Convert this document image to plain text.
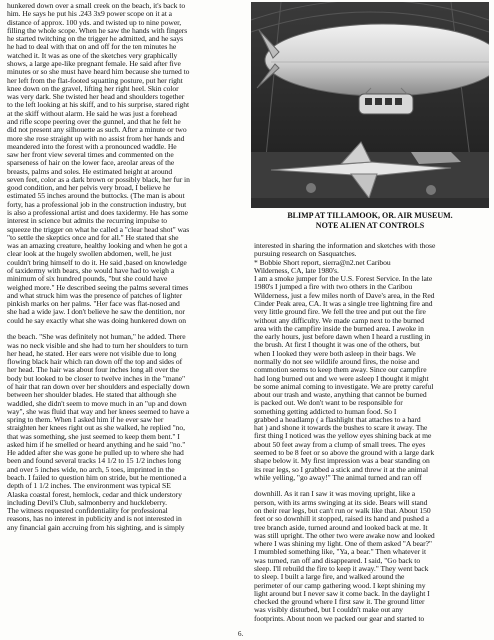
hunkered down over a small creek on the beach, it's back to
him. He says he put his .243 3x9 power scope on it at a
distance of approx. 100 yds. and twisted up to nine power,
filling the whole scope. When he saw the hands with fingers
he started twitching on the trigger he admitted, and he says
he had to deal with that on and off for the ten minutes he
watched it. It was as one of the sketches very graphically
shows, a large ape-like pregnant female. He said after five
minutes or so she must have heard him because she turned to
her left from the flat-footed squatting posture, put her right
knee down on the gravel, lifting her right heel. Skin color
was very dark. She twisted her head and shoulders together
to the left looking at his skiff, and to his surprise, stared right
at the skiff without alarm. He said he was just a forehead
and rifle scope peering over the gunnel, and that he felt he
did not present any silhouette as such. After a minute or two
more she rose straight up with no assist from her hands and
meandered into the forest with a pronounced waddle. He
saw her front view several times and commented on the
sparseness of hair on the lower face, areolar areas of the
breasts, palms and soles. He estimated height at around
seven feet, color as a dark brown or possibly black, her fur in
good condition, and her pelvis very broad, I believe he
estimated 55 inches around the buttocks. (The man is about
forty, has a professional job in the construction industry, but
is also a professional artist and does taxidermy. He has some
interest in science but admits the recurring impulse to
squeeze the trigger on what he called a "clear head shot" was
"to settle the skeptics once and for all." He stated that she
was an amazing creature, healthy looking and when he got a
clear look at the hugely swollen abdomen, well, he just
couldn't bring himself to do it. He said ,based on knowledge
of taxidermy with bears, she would have had to weigh a
minimum of six hundred pounds, "but she could have
weighed more." He described seeing the palms several times
and what struck him was the presence of patches of lighter
pinkish marks on her palms. "Her face was flat-nosed and
she had a wide jaw. I don't believe he saw the dentition, nor
could he say exactly what she was doing hunkered down on

the beach. "She was definitely not human," he added. There
was no neck visible and she had to turn her shoulders to turn
her head, he stated. Her ears were not visible due to long
flowing black hair which ran down off the top and sides of
her head. The hair was about four inches long all over the
body but looked to be closer to twelve inches in the "mane"
of hair that ran down over her shoulders and especially down
between her shoulder blades. He stated that although she
waddled, she didn't seem to move much in an "up and down
way", she was fluid that way and her knees seemed to have a
spring to them. When I asked him if he ever saw her
straighten her knees right out as she walked, he replied "no,
that was something, she just seemed to keep them bent." I
asked him if he smelled or heard anything and he said "no."
He added after she was gone he pulled up to where she had
been and found several tracks 14 1/2 to 15 1/2 inches long
and over 5 inches wide, no arch, 5 toes, imprinted in the
beach. I failed to question him on stride, but he mentioned a
depth of 1 1/2 inches. The environment was typical SE
Alaska coastal forest, hemlock, cedar and thick understory
including Devil's Club, salmonberry and huckleberry.
The witness requested confidentiality for professional
reasons, has no interest in publicity and is not interested in
any financial gain accruing from his sighting, and is simply
BLIMP AT TILLAMOOK, OR. AIR MUSEUM.
NOTE ALIEN AT CONTROLS
interested in sharing the information and sketches with those
pursuing research on Sasquatches.
* Bobbie Short report, sierra@n2.net Caribou
Wilderness, CA, late 1980's.
I am a smoke jumper for the U.S. Forest Service. In the late
1980's I jumped a fire with two others in the Caribou
Wilderness, just a few miles north of Dave's area, in the Red
Cinder Peak area, CA. It was a single tree lightning fire and
very little ground fire. We fell the tree and put out the fire
without any difficulty. We made camp next to the burned
area with the campfire inside the burned area. I awoke in
the early hours, just before dawn when I heard a rustling in
the brush. At first I thought it was one of the others, but
when I looked they were both asleep in their bags. We
normally do not see wildlife around fires, the noise and
commotion seems to keep them away. Since our campfire
had long burned out and we were asleep I thought it might
be some animal coming to investigate. We are pretty careful
about our trash and waste, anything that cannot be burned
is packed out. We don't want to be responsible for
something getting addicted to human food. So I
grabbed a headlamp ( a flashlight that attaches to a hard
hat ) and shone it towards the bushes to scare it away. The
first thing I noticed was the yellow eyes shining back at me
about 50 feet away from a clump of small trees. The eyes
seemed to be 8 feet or so above the ground with a large dark
shape below it. My first impression was a bear standing on
its rear legs, so I grabbed a stick and threw it at the animal
while yelling, "go away!" The animal turned and ran off

downhill. As it ran I saw it was moving upright, like a
person, with its arms swinging at its side. Bears will stand
on their rear legs, but can't run or walk like that. About 150
feet or so downhill it stopped, raised its hand and pushed a
tree branch aside, turned around and looked back at me. It
was still upright. The other two were awake now and looked
where I was shining my light. One of them asked "A bear?"
I mumbled something like, "Ya, a bear." Then whatever it
was turned, ran off and disappeared. I said, "Go back to
sleep. I'll rebuild the fire to keep it away." They went back
to sleep. I built a large fire, and walked around the
perimeter of our camp gathering wood. I kept shining my
light around but I never saw it come back. In the daylight I
checked the ground where I first saw it. The ground litter
was visibly disturbed, but I couldn't make out any
footprints. About noon we packed our gear and started to
6.
